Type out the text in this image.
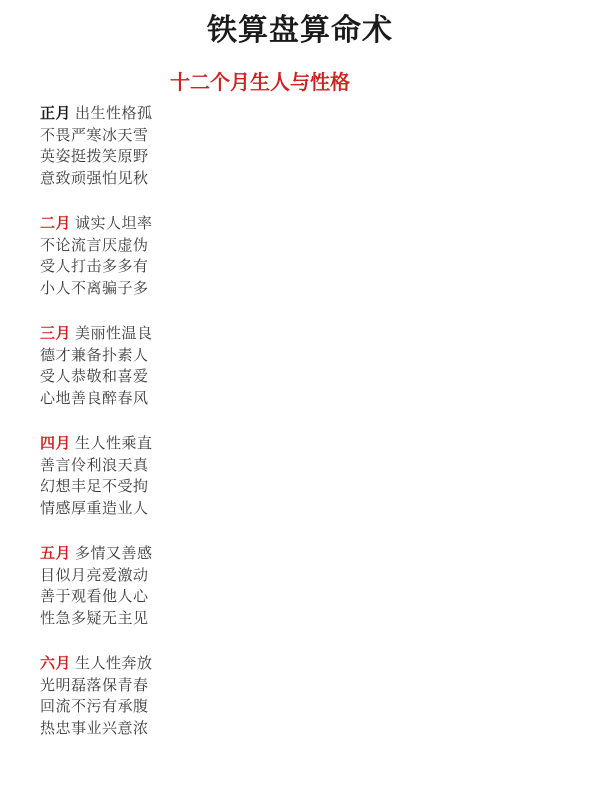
铁算盘算命术
十二个月生人与性格

正月 出生性格孤

不畏严寒冰天雪

英姿挺拨笑原野

意致顽强怕见秋

二月 诚实人坦率

不论流言厌虚伪

受人打击多多有

小人不离骗子多

三月 美丽性温良

德才兼备扑素人

受人恭敬和喜爱

心地善良醉春风

四月 生人性乘直

善言伶利浪天真

幻想丰足不受拘

情感厚重造业人

五月 多情又善感

目似月亮爱激动

善于观看他人心

性急多疑无主见

六月 生人性奔放

光明磊落保青春

回流不污有承腹

热忠事业兴意浓
